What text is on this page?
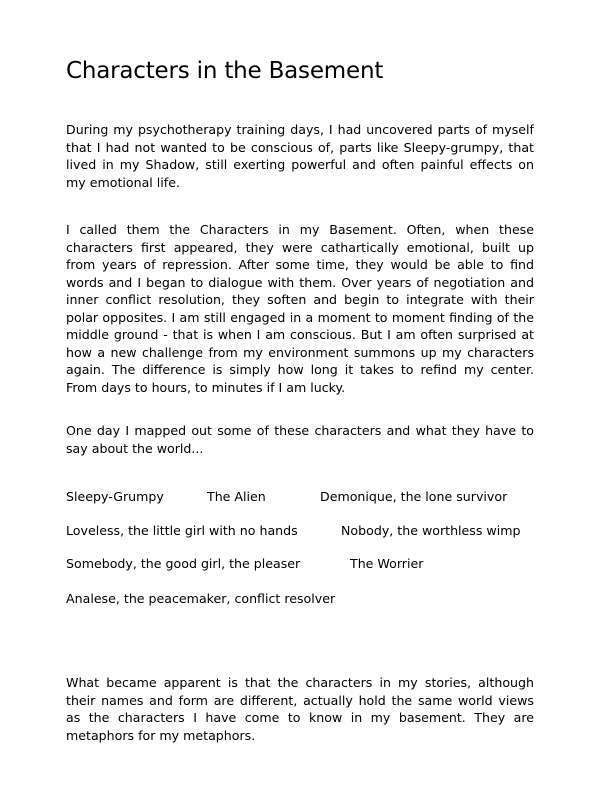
Characters in the Basement
During my psychotherapy training days, I had uncovered parts of myself
that I had not wanted to be conscious of, parts like Sleepy-grumpy, that
lived in my Shadow, still exerting powerful and often painful effects on
my emotional life.
I called them the Characters in my Basement. Often, when these
characters first appeared, they were cathartically emotional, built up
from years of repression. After some time, they would be able to find
words and I began to dialogue with them. Over years of negotiation and
inner conflict resolution, they soften and begin to integrate with their
polar opposites. I am still engaged in a moment to moment finding of the
middle ground - that is when I am conscious. But I am often surprised at
how a new challenge from my environment summons up my characters
again. The difference is simply how long it takes to refind my center.
From days to hours, to minutes if I am lucky.
One day I mapped out some of these characters and what they have to
say about the world...
Sleepy-Grumpy	The Alien	Demonique, the lone survivor
Loveless, the little girl with no hands	Nobody, the worthless wimp
Somebody, the good girl, the pleaser	The Worrier
Analese, the peacemaker, conflict resolver
What became apparent is that the characters in my stories, although
their names and form are different, actually hold the same world views
as the characters I have come to know in my basement. They are
metaphors for my metaphors.
